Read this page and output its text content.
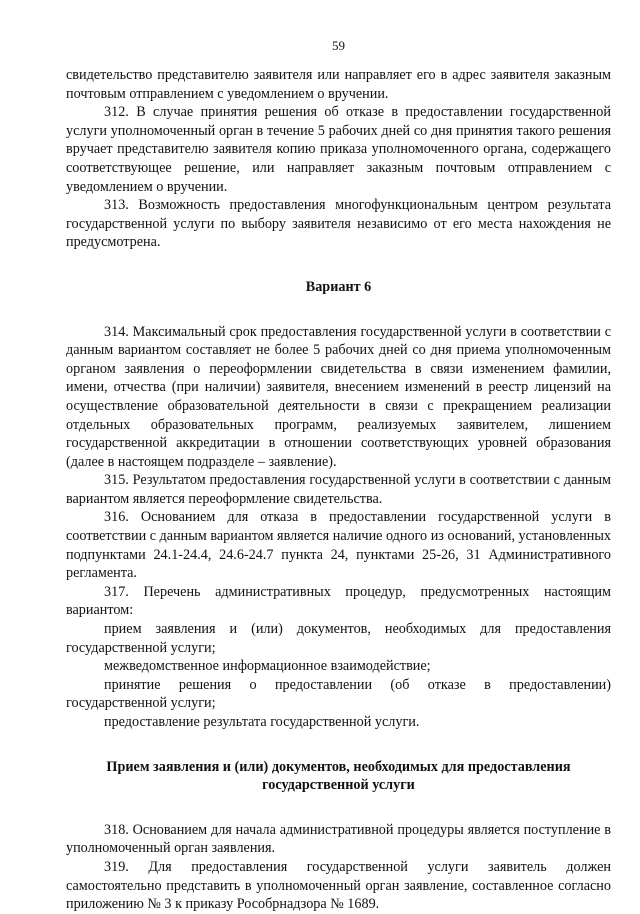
59

свидетельство представителю заявителя или направляет его в адрес заявителя заказным почтовым отправлением с уведомлением о вручении.

312. В случае принятия решения об отказе в предоставлении государственной услуги уполномоченный орган в течение 5 рабочих дней со дня принятия такого решения вручает представителю заявителя копию приказа уполномоченного органа, содержащего соответствующее решение, или направляет заказным почтовым отправлением с уведомлением о вручении.

313. Возможность предоставления многофункциональным центром результата государственной услуги по выбору заявителя независимо от его места нахождения не предусмотрена.

Вариант 6

314. Максимальный срок предоставления государственной услуги в соответствии с данным вариантом составляет не более 5 рабочих дней со дня приема уполномоченным органом заявления о переоформлении свидетельства в связи изменением фамилии, имени, отчества (при наличии) заявителя, внесением изменений в реестр лицензий на осуществление образовательной деятельности в связи с прекращением реализации отдельных образовательных программ, реализуемых заявителем, лишением государственной аккредитации в отношении соответствующих уровней образования (далее в настоящем подразделе – заявление).

315. Результатом предоставления государственной услуги в соответствии с данным вариантом является переоформление свидетельства.

316. Основанием для отказа в предоставлении государственной услуги в соответствии с данным вариантом является наличие одного из оснований, установленных подпунктами 24.1-24.4, 24.6-24.7 пункта 24, пунктами 25-26, 31 Административного регламента.

317. Перечень административных процедур, предусмотренных настоящим вариантом:

прием заявления и (или) документов, необходимых для предоставления государственной услуги;

межведомственное информационное взаимодействие;

принятие решения о предоставлении (об отказе в предоставлении) государственной услуги;

предоставление результата государственной услуги.

Прием заявления и (или) документов, необходимых для предоставления государственной услуги

318. Основанием для начала административной процедуры является поступление в уполномоченный орган заявления.

319. Для предоставления государственной услуги заявитель должен самостоятельно представить в уполномоченный орган заявление, составленное согласно приложению № 3 к приказу Рособрнадзора № 1689.
